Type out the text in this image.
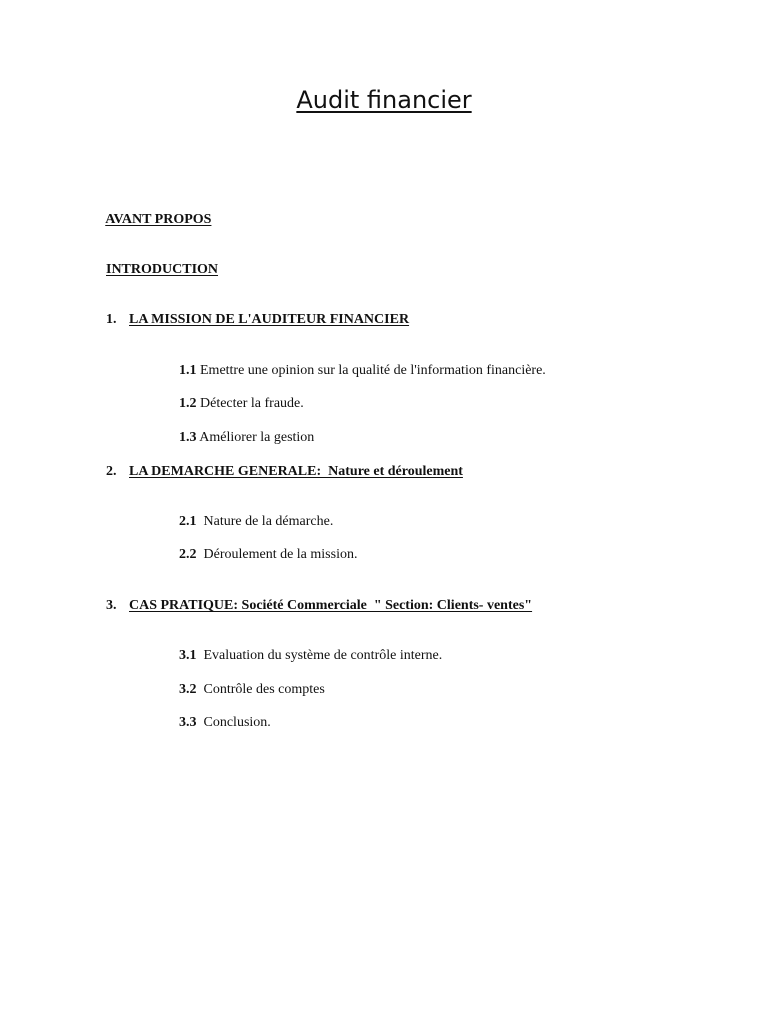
Audit financier

AVANT PROPOS

INTRODUCTION

1. LA MISSION DE L'AUDITEUR FINANCIER

1.1 Emettre une opinion sur la qualité de l'information financière.

1.2 Détecter la fraude.

1.3 Améliorer la gestion

2. LA DEMARCHE GENERALE:  Nature et déroulement

2.1  Nature de la démarche.

2.2  Déroulement de la mission.

3. CAS PRATIQUE: Société Commerciale  " Section: Clients- ventes"

3.1  Evaluation du système de contrôle interne.

3.2  Contrôle des comptes

3.3  Conclusion.
